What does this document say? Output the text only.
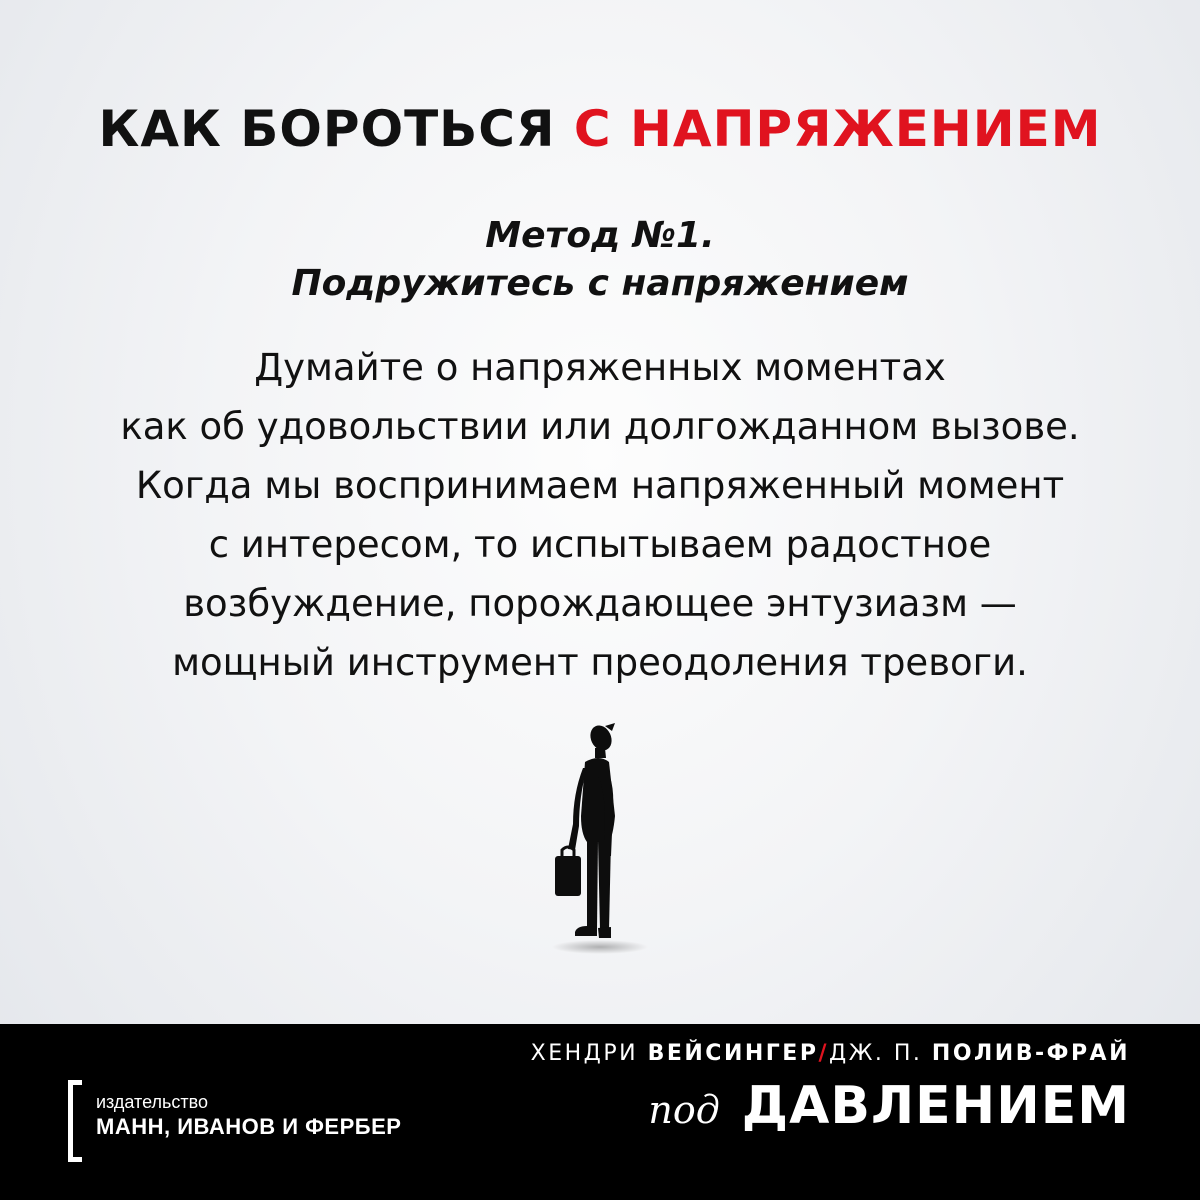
КАК БОРОТЬСЯ С НАПРЯЖЕНИЕМ
Метод №1.
Подружитесь с напряжением
Думайте о напряженных моментах
как об удовольствии или долгожданном вызове.
Когда мы воспринимаем напряженный момент
с интересом, то испытываем радостное
возбуждение, порождающее энтузиазм —
мощный инструмент преодоления тревоги.
издательство
МАНН, ИВАНОВ И ФЕРБЕР
ХЕНДРИ ВЕЙСИНГЕР/ДЖ. П. ПОЛИВ-ФРАЙ
под ДАВЛЕНИЕМ
